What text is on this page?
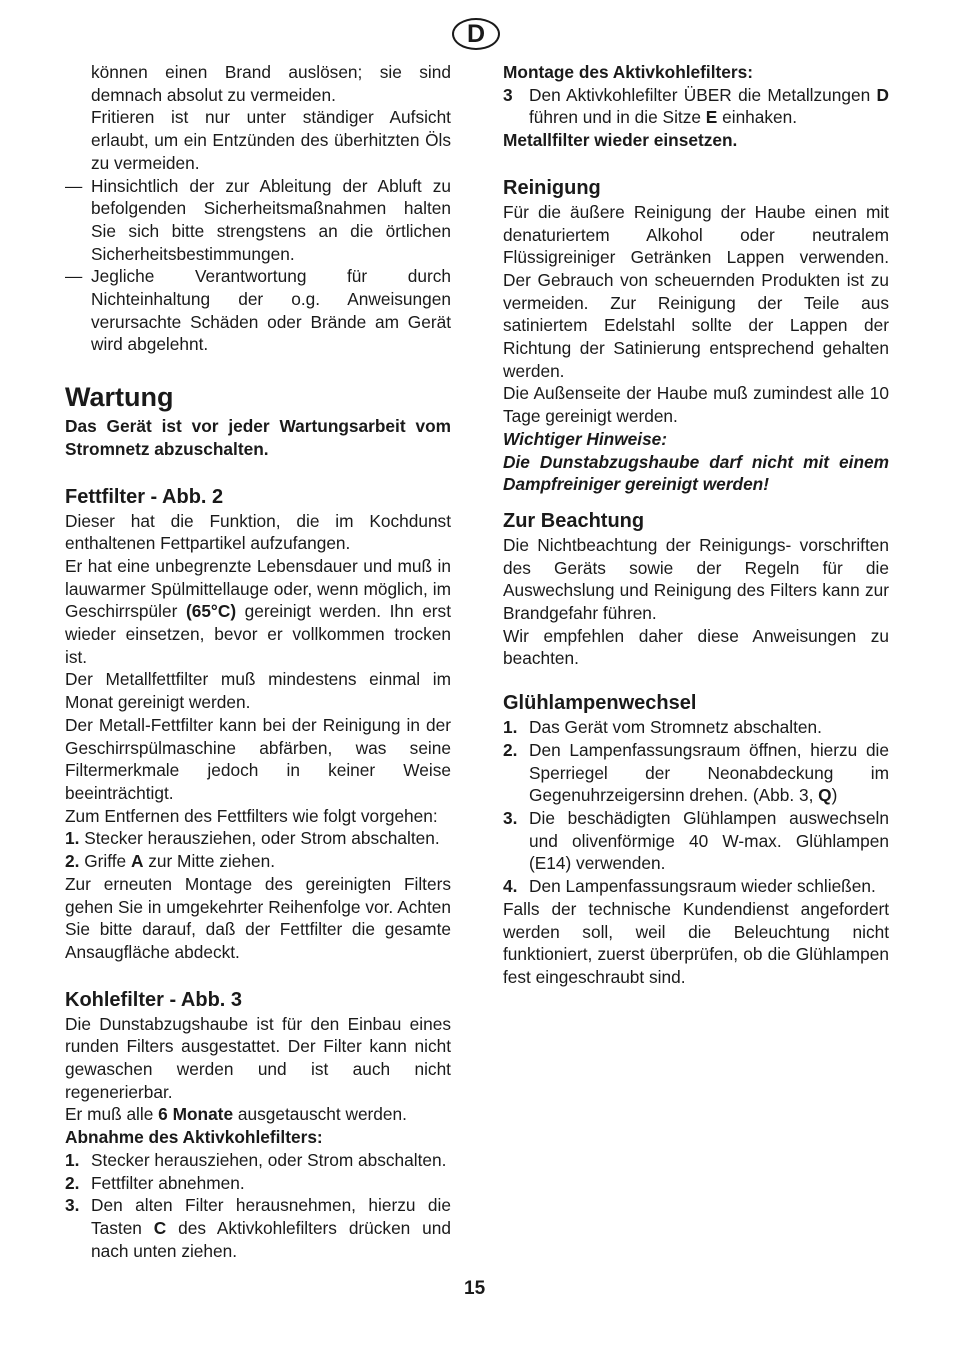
D

können einen Brand auslösen; sie sind demnach absolut zu vermeiden.

Fritieren ist nur unter ständiger Aufsicht erlaubt, um ein Entzünden des überhitzten Öls zu vermeiden.

— Hinsichtlich der zur Ableitung der Abluft zu befolgenden Sicherheitsmaßnahmen halten Sie sich bitte strengstens an die örtlichen Sicherheitsbestimmungen.
— Jegliche Verantwortung für durch Nichteinhaltung der o.g. Anweisungen verursachte Schäden oder Brände am Gerät wird abgelehnt.
Wartung

Das Gerät ist vor jeder Wartungsarbeit vom Stromnetz abzuschalten.

Fettfilter - Abb. 2

Dieser hat die Funktion, die im Kochdunst enthaltenen Fettpartikel aufzufangen.

Er hat eine unbegrenzte Lebensdauer und muß in lauwarmer Spülmittellauge oder, wenn möglich, im Geschirrspüler (65°C) gereinigt werden. Ihn erst wieder einsetzen, bevor er vollkommen trocken ist.

Der Metallfettfilter muß mindestens einmal im Monat gereinigt werden.

Der Metall-Fettfilter kann bei der Reinigung in der Geschirrspülmaschine abfärben, was seine Filtermerkmale jedoch in keiner Weise beeinträchtigt.

Zum Entfernen des Fettfilters wie folgt vorgehen:

1. Stecker herausziehen, oder Strom abschalten.

2. Griffe A zur Mitte ziehen.

Zur erneuten Montage des gereinigten Filters gehen Sie in umgekehrter Reihenfolge vor. Achten Sie bitte darauf, daß der Fettfilter die gesamte Ansaugfläche abdeckt.

Kohlefilter - Abb. 3

Die Dunstabzugshaube ist für den Einbau eines runden Filters ausgestattet. Der Filter kann nicht gewaschen werden und ist auch nicht regenerierbar.

Er muß alle 6 Monate ausgetauscht werden.

Abnahme des Aktivkohlefilters:

1. Stecker herausziehen, oder Strom abschalten.
2. Fettfilter abnehmen.
3. Den alten Filter herausnehmen, hierzu die Tasten C des Aktivkohlefilters drücken und nach unten ziehen.

Montage des Aktivkohlefilters:

3 Den Aktivkohlefilter ÜBER die Metallzungen D führen und in die Sitze E einhaken.

Metallfilter wieder einsetzen.

Reinigung

Für die äußere Reinigung der Haube einen mit denaturiertem Alkohol oder neutralem Flüssigreiniger Getränken Lappen verwenden. Der Gebrauch von scheuernden Produkten ist zu vermeiden. Zur Reinigung der Teile aus satiniertem Edelstahl sollte der Lappen der Richtung der Satinierung entsprechend gehalten werden.

Die Außenseite der Haube muß zumindest alle 10 Tage gereinigt werden.

Wichtiger Hinweise:

Die Dunstabzugshaube darf nicht mit einem Dampfreiniger gereinigt werden!

Zur Beachtung

Die Nichtbeachtung der Reinigungs- vorschriften des Geräts sowie der Regeln für die Auswechslung und Reinigung des Filters kann zur Brandgefahr führen.

Wir empfehlen daher diese Anweisungen zu beachten.

Glühlampenwechsel
1. Das Gerät vom Stromnetz abschalten.
2. Den Lampenfassungsraum öffnen, hierzu die Sperriegel der Neonabdeckung im Gegenuhrzeigersinn drehen. (Abb. 3, Q)
3. Die beschädigten Glühlampen auswechseln und olivenförmige 40 W-max. Glühlampen (E14) verwenden.
4. Den Lampenfassungsraum wieder schließen.

Falls der technische Kundendienst angefordert werden soll, weil die Beleuchtung nicht funktioniert, zuerst überprüfen, ob die Glühlampen fest eingeschraubt sind.

15
